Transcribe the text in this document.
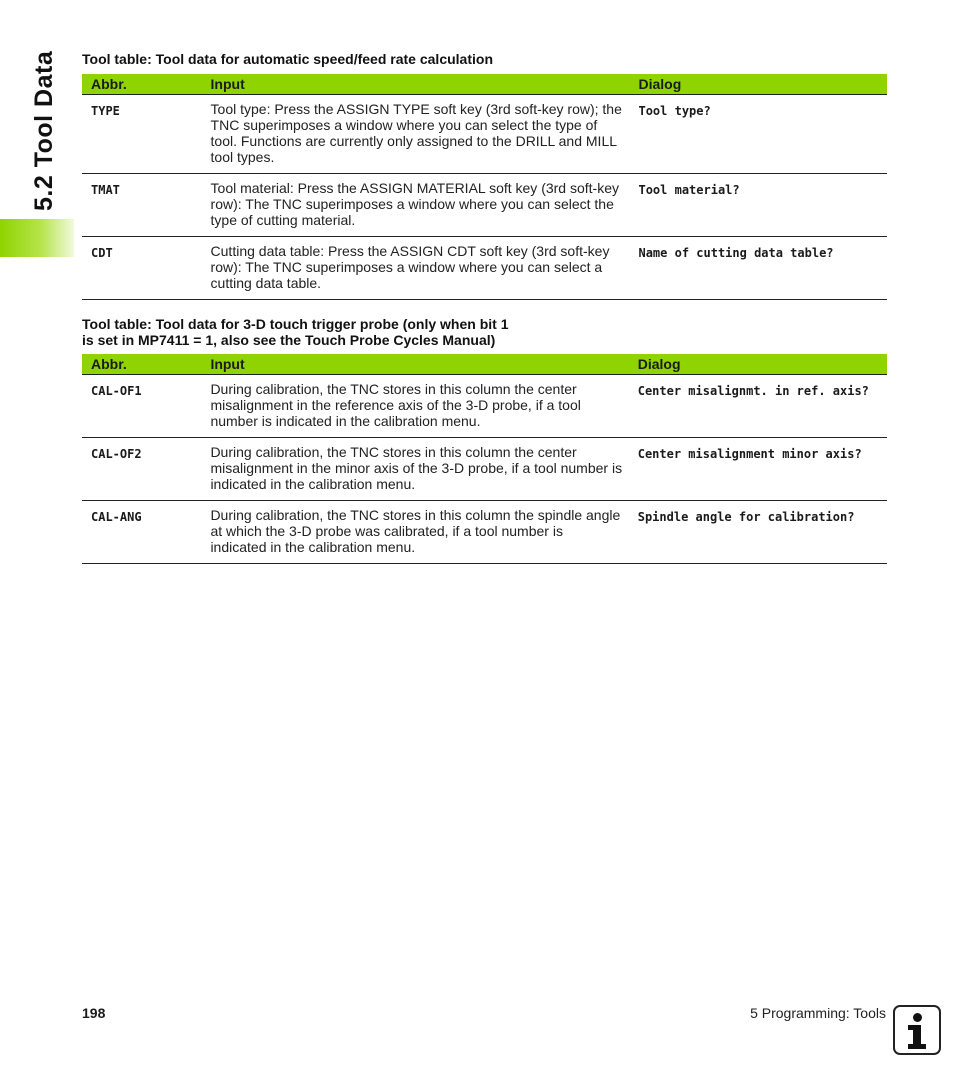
5.2 Tool Data Tool table: Tool data for automatic speed/feed rate calculation
Abbr.	Input	Dialog

TYPE	Tool type: Press the ASSIGN TYPE soft key (3rd soft-key row); the TNC superimposes a window where you can select the type of tool. Functions are currently only assigned to the DRILL and MILL tool types.	Tool type?

TMAT	Tool material: Press the ASSIGN MATERIAL soft key (3rd soft-key row): The TNC superimposes a window where you can select the type of cutting material.	Tool material?

CDT	Cutting data table: Press the ASSIGN CDT soft key (3rd soft-key row): The TNC superimposes a window where you can select a cutting data table.	Name of cutting data table?
Tool table: Tool data for 3-D touch trigger probe (only when bit 1
is set in MP7411 = 1, also see the Touch Probe Cycles Manual)
Abbr.	Input	Dialog

CAL-OF1	During calibration, the TNC stores in this column the center misalignment in the reference axis of the 3-D probe, if a tool number is indicated in the calibration menu.	Center misalignmt. in ref. axis?

CAL-OF2	During calibration, the TNC stores in this column the center misalignment in the minor axis of the 3-D probe, if a tool number is indicated in the calibration menu.	Center misalignment minor axis?

CAL-ANG	During calibration, the TNC stores in this column the spindle angle at which the 3-D probe was calibrated, if a tool number is indicated in the calibration menu.	Spindle angle for calibration?
198	5 Programming: Tools
